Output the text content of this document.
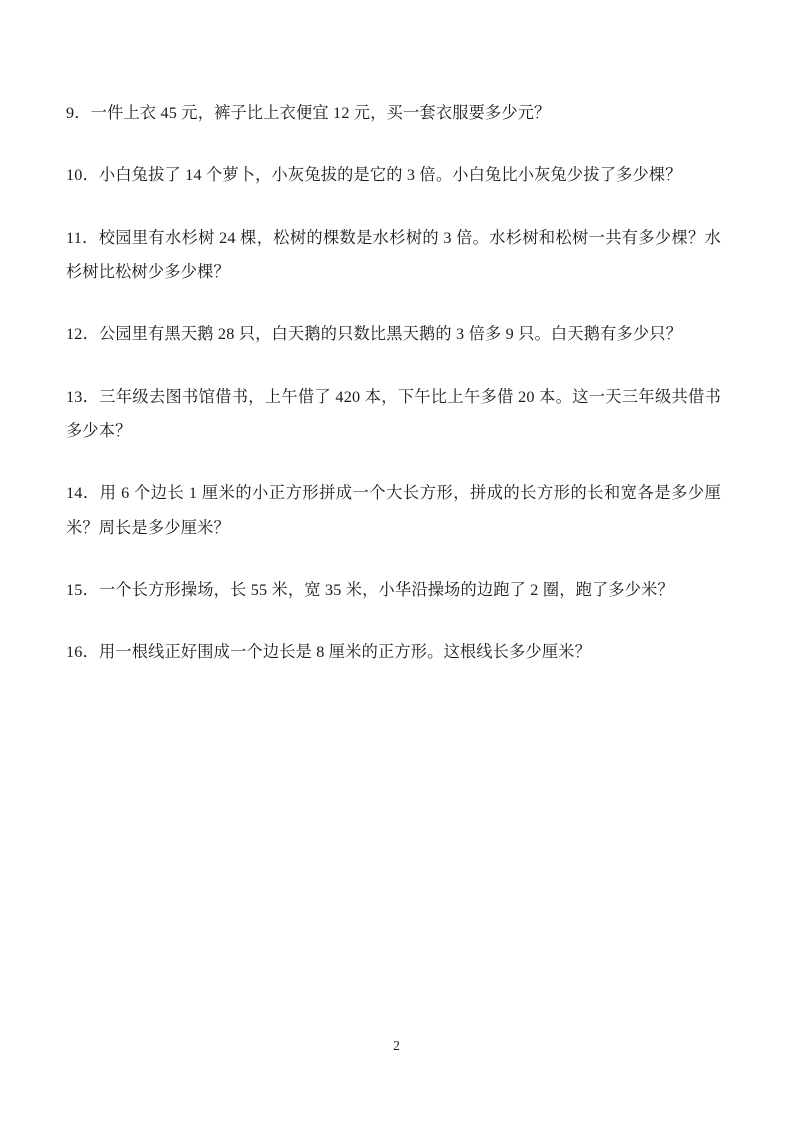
9．一件上衣 45 元，裤子比上衣便宜 12 元，买一套衣服要多少元？

10．小白兔拔了 14 个萝卜，小灰兔拔的是它的 3 倍。小白兔比小灰兔少拔了多少棵？

11．校园里有水杉树 24 棵，松树的棵数是水杉树的 3 倍。水杉树和松树一共有多少棵？水杉树比松树少多少棵？

12．公园里有黑天鹅 28 只，白天鹅的只数比黑天鹅的 3 倍多 9 只。白天鹅有多少只？

13．三年级去图书馆借书，上午借了 420 本，下午比上午多借 20 本。这一天三年级共借书多少本？

14．用 6 个边长 1 厘米的小正方形拼成一个大长方形，拼成的长方形的长和宽各是多少厘米？周长是多少厘米？

15．一个长方形操场，长 55 米，宽 35 米，小华沿操场的边跑了 2 圈，跑了多少米？

16．用一根线正好围成一个边长是 8 厘米的正方形。这根线长多少厘米？

2
